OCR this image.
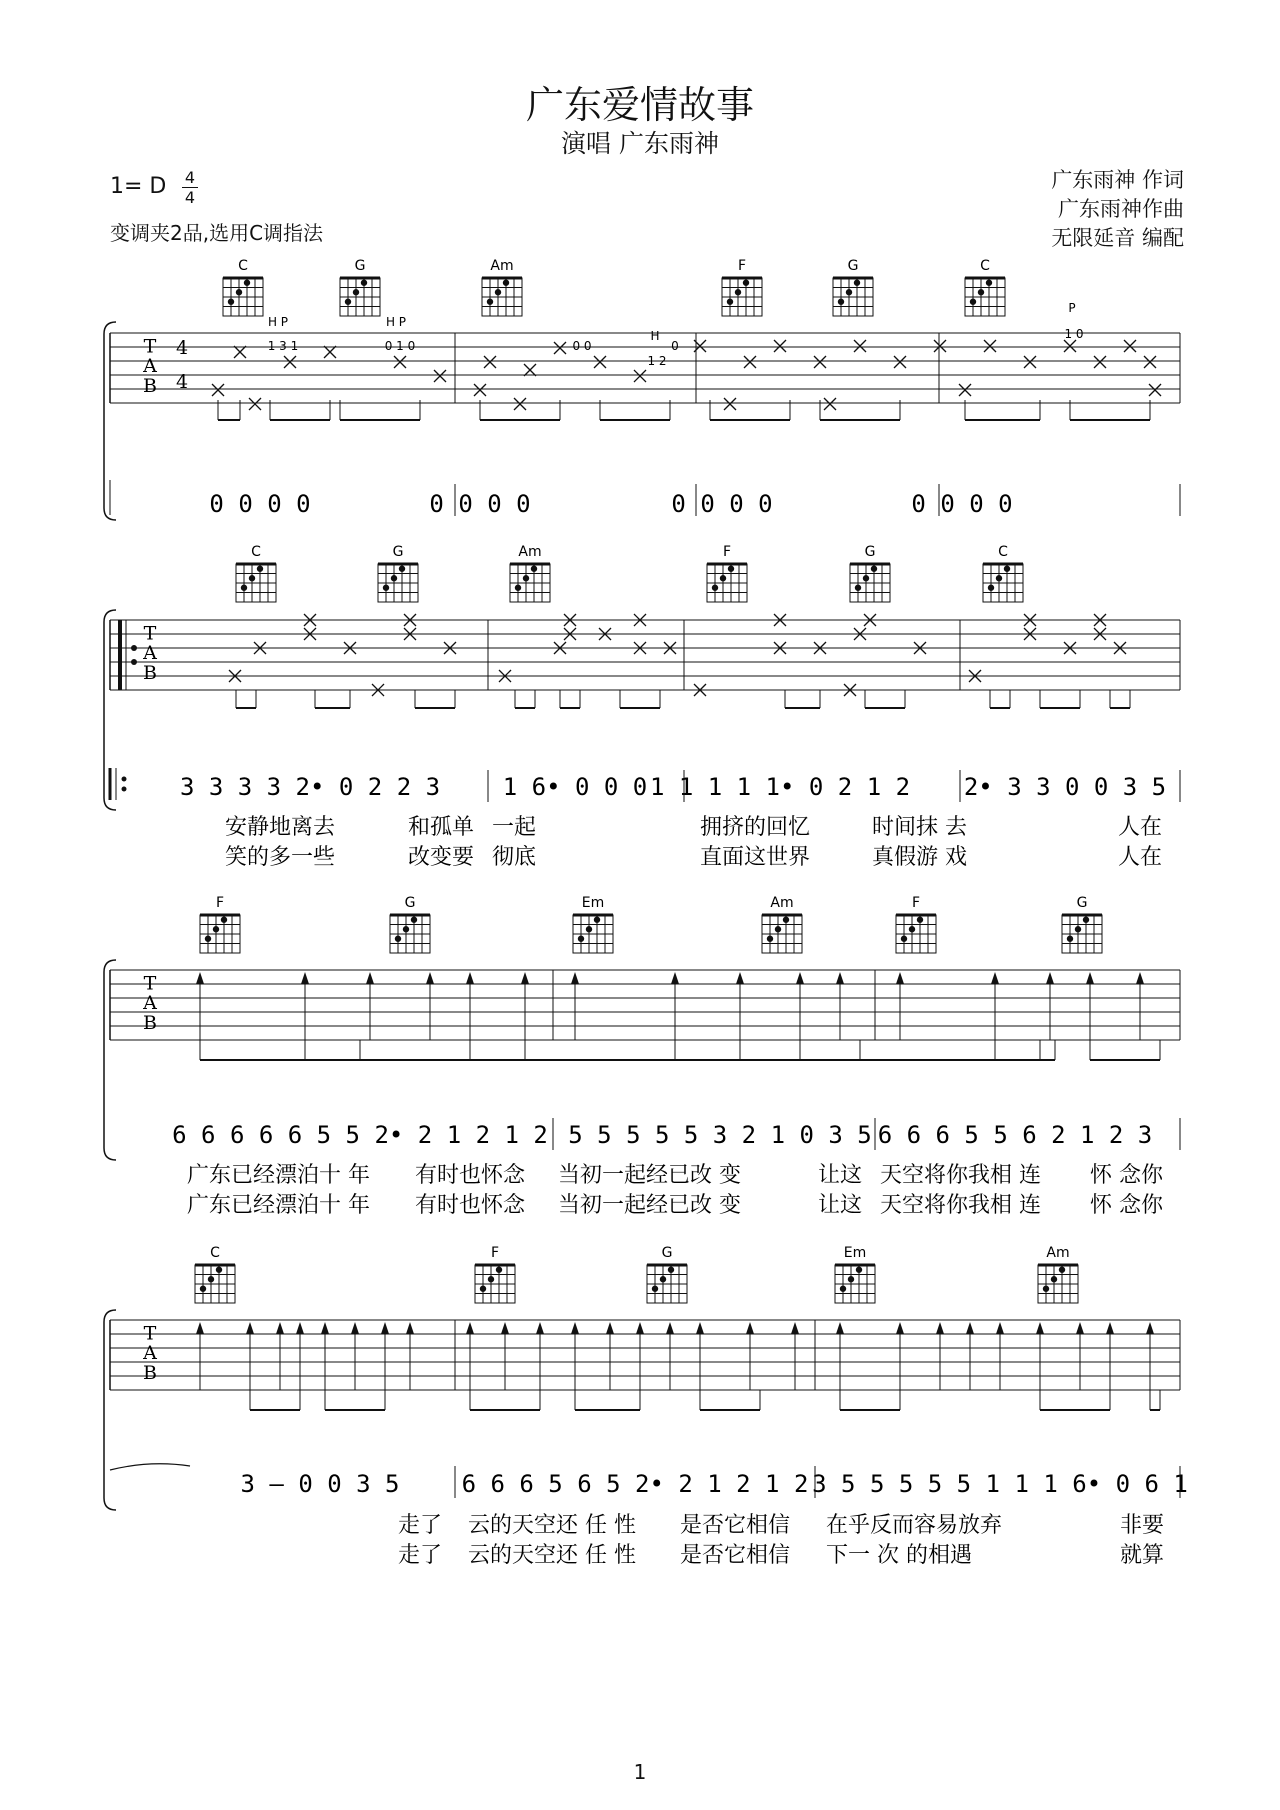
广东爱情故事
演唱 广东雨神
1= D 4
4
变调夹2品,选用C调指法
广东雨神 作词
广东雨神作曲
无限延音 编配
C	G	Am	F	G	C
T
A
B
4
4
H P	H P
H
P
1 3 1	0 1 0	0 0
1 2
0
1 0
0 0 0 0	0 0 0 0	0 0 0 0	0 0 0 0
C	G	Am	F	G	C
T
A
B
3 3 3 3 2• 0 2 2 3	1 6• 0 0 0 1 1 1 1 1• 0 2 1 2 2• 3 3 0 0 3 5
安静地离去	和孤单 一起	拥挤的回忆	时间抹 去	人在
笑的多一些	改变要 彻底	直面这世界	真假游 戏	人在
F	G	Em	Am	F	G
T
A
B
6 6 6 6 6 5 5 2• 2 1 2 1 2 5 5 5 5 5 3 2 1 0 3 5 6 6 6 5 5 6 2 1 2 3
广东已经漂泊十 年 有时也怀念 当初一起经已改 变	让这 天空将你我相 连 怀 念你
广东已经漂泊十 年 有时也怀念 当初一起经已改 变	让这 天空将你我相 连 怀 念你
C	F	G	Em	Am
T
A
B
3 — 0 0 3 5	6 6 6 5 6 5 2• 2 1 2 1 2 3 5 5 5 5 5 1 1 1 6• 0 6 1
走了 云的天空还 任 性 是否它相信 在乎反而容易放弃	非要
走了 云的天空还 任 性 是否它相信 下一 次 的相遇	就算
1
